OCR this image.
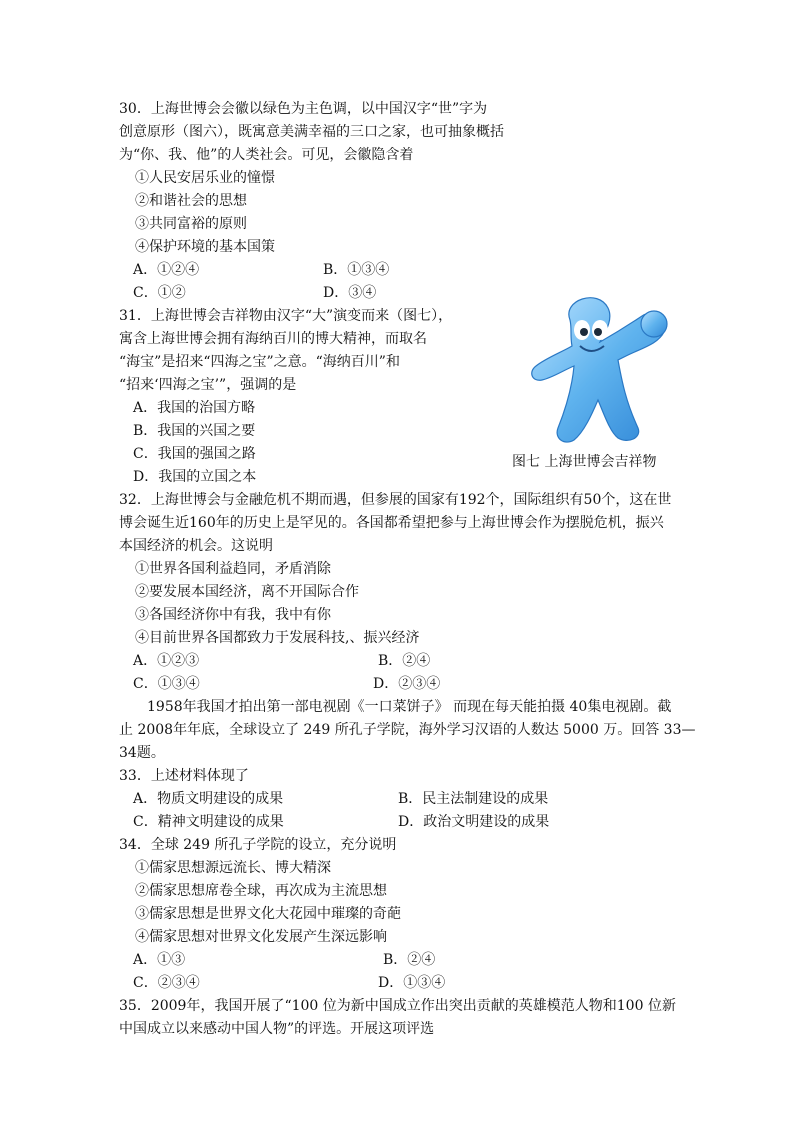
30．上海世博会会徽以绿色为主色调，以中国汉字“世”字为
创意原形（图六），既寓意美满幸福的三口之家，也可抽象概括
为“你、我、他”的人类社会。可见，会徽隐含着
①人民安居乐业的憧憬
②和谐社会的思想
③共同富裕的原则
④保护环境的基本国策
A．①②④	B．①③④
C．①②	D．③④
31．上海世博会吉祥物由汉字“大”演变而来（图七），
寓含上海世博会拥有海纳百川的博大精神，而取名
“海宝”是招来“四海之宝”之意。“海纳百川”和
“招来‘四海之宝’”，强调的是
A．我国的治国方略
B．我国的兴国之要
C．我国的强国之路
D．我国的立国之本
图七 上海世博会吉祥物
32．上海世博会与金融危机不期而遇，但参展的国家有192个，国际组织有50个，这在世
博会诞生近160年的历史上是罕见的。各国都希望把参与上海世博会作为摆脱危机，振兴
本国经济的机会。这说明
①世界各国利益趋同，矛盾消除
②要发展本国经济，离不开国际合作
③各国经济你中有我，我中有你
④目前世界各国都致力于发展科技,、振兴经济
A．①②③	B．②④
C．①③④	D．②③④
1958年我国才拍出第一部电视剧《一口菜饼子》 而现在每天能拍摄 40集电视剧。截
止 2008年年底，全球设立了 249 所孔子学院，海外学习汉语的人数达 5000 万。回答 33—
34题。
33．上述材料体现了
A．物质文明建设的成果	B．民主法制建设的成果
C．精神文明建设的成果	D．政治文明建设的成果
34．全球 249 所孔子学院的设立，充分说明
①儒家思想源远流长、博大精深
②儒家思想席卷全球，再次成为主流思想
③儒家思想是世界文化大花园中璀璨的奇葩
④儒家思想对世界文化发展产生深远影响
A．①③	B．②④
C．②③④	D．①③④
35．2009年，我国开展了“100 位为新中国成立作出突出贡献的英雄模范人物和100 位新
中国成立以来感动中国人物”的评选。开展这项评选
